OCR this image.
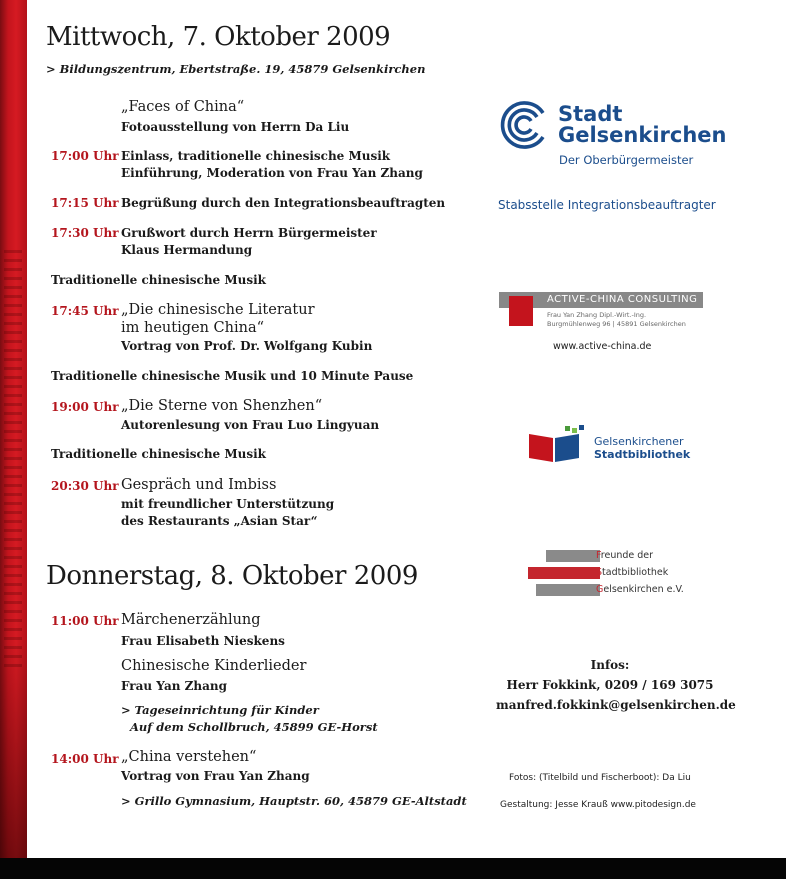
Mittwoch, 7. Oktober 2009
> Bildungszentrum, Ebertstraße. 19, 45879 Gelsenkirchen
„Faces of China“
Fotoausstellung von Herrn Da Liu
17:00 Uhr Einlass, traditionelle chinesische Musik
Einführung, Moderation von Frau Yan Zhang
17:15 Uhr Begrüßung durch den Integrationsbeauftragten
17:30 Uhr Grußwort durch Herrn Bürgermeister
Klaus Hermandung
Traditionelle chinesische Musik
17:45 Uhr „Die chinesische Literatur
im heutigen China“
Vortrag von Prof. Dr. Wolfgang Kubin
Traditionelle chinesische Musik und 10 Minute Pause
19:00 Uhr „Die Sterne von Shenzhen“
Autorenlesung von Frau Luo Lingyuan
Traditionelle chinesische Musik
20:30 Uhr Gespräch und Imbiss
mit freundlicher Unterstützung
des Restaurants „Asian Star“
Donnerstag, 8. Oktober 2009
11:00 Uhr Märchenerzählung
Frau Elisabeth Nieskens
Chinesische Kinderlieder
Frau Yan Zhang
> Tageseinrichtung für Kinder
Auf dem Schollbruch, 45899 GE-Horst
14:00 Uhr „China verstehen“
Vortrag von Frau Yan Zhang
> Grillo Gymnasium, Hauptstr. 60, 45879 GE-Altstadt
Stadt
Gelsenkirchen
Der Oberbürgermeister
Stabsstelle Integrationsbeauftragter
ACTIVE-CHINA CONSULTING
Frau Yan Zhang Dipl.-Wirt.-Ing.
Burgmühlenweg 96 | 45891 Gelsenkirchen
www.active-china.de
Gelsenkirchener
Stadtbibliothek
Freunde der
Stadtbibliothek
Gelsenkirchen e.V.
Infos:
Herr Fokkink, 0209 / 169 3075
manfred.fokkink@gelsenkirchen.de
Fotos: (Titelbild und Fischerboot): Da Liu
Gestaltung: Jesse Krauß www.pitodesign.de
